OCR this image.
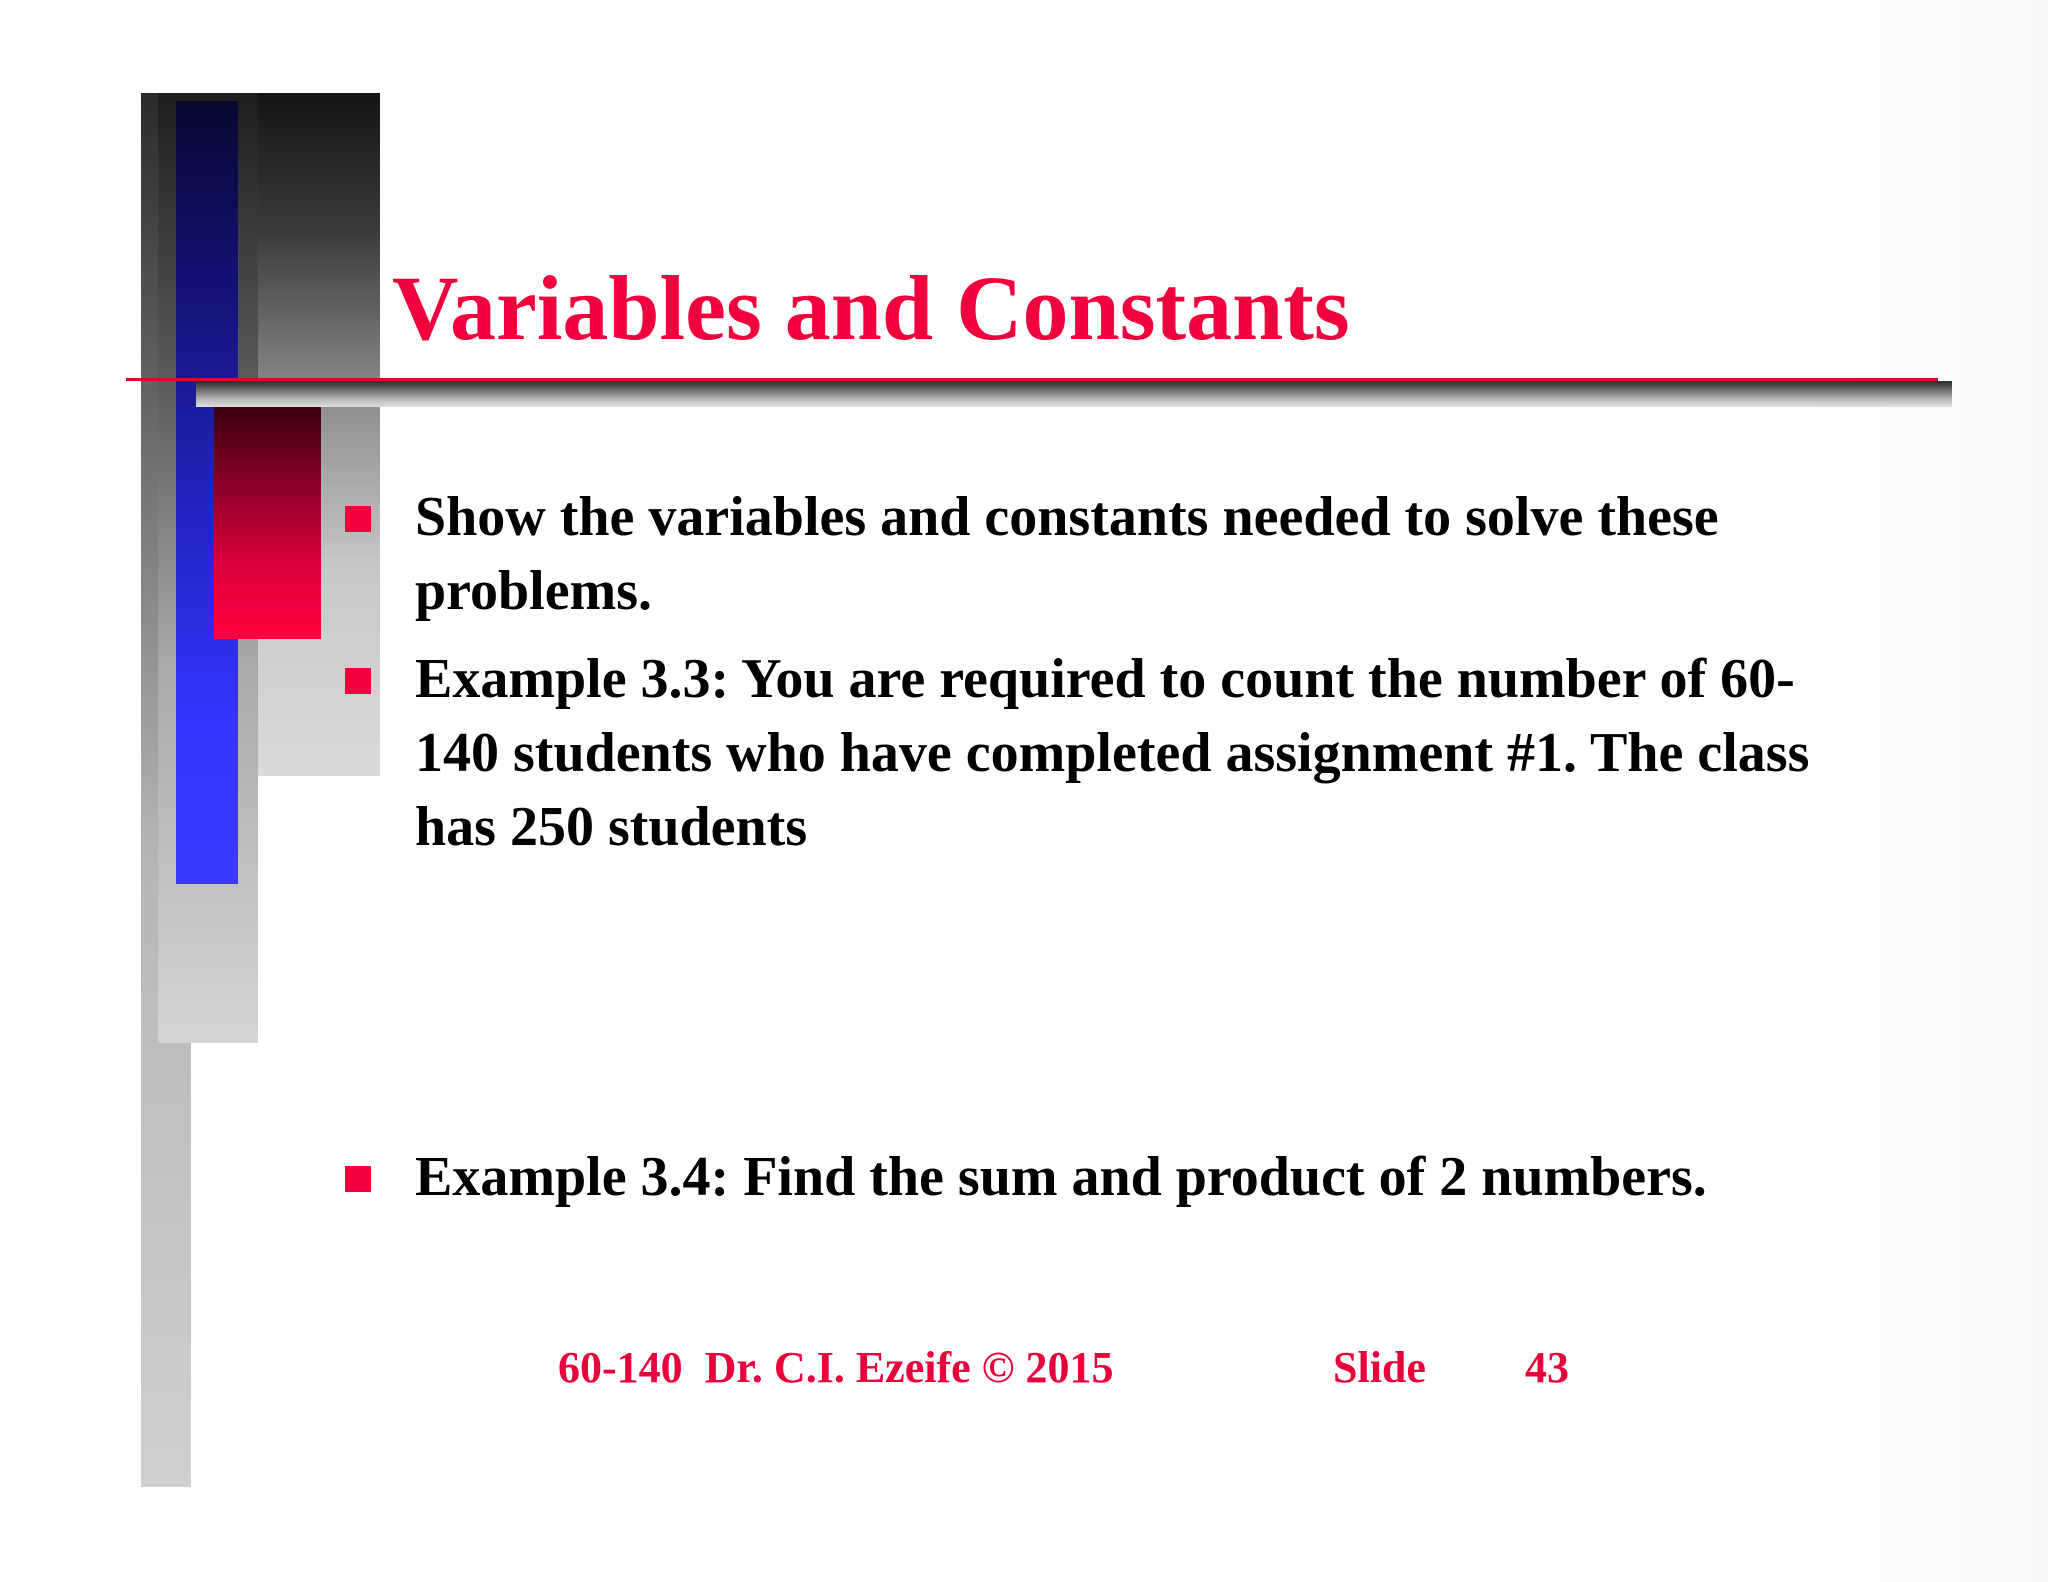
Variables and Constants
Show the variables and constants needed to solve these problems.
Example 3.3: You are required to count the number of 60-140 students who have completed assignment #1. The class has 250 students
Example 3.4: Find the sum and product of 2 numbers.
60-140  Dr. C.I. Ezeife © 2015	Slide 43
